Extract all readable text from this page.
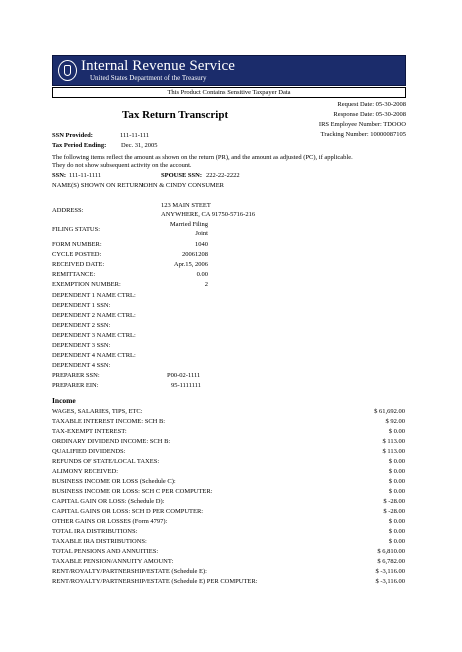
Internal Revenue Service
United States Department of the Treasury
This Product Contains Sensitive Taxpayer Data
Tax Return Transcript
Request Date: 05-30-2008
Response Date: 05-30-2008
IRS Employee Number: TDOOO
Tracking Number: 10000087105
SSN Provided:	111-11-111
Tax Period Ending: Dec. 31, 2005
The following items reflect the amount as shown on the return (PR), and the amount as adjusted (PC), if applicable.
They do not show subsequent activity on the account.
SSN: 111-11-1111	SPOUSE SSN: 222-22-2222
NAME(S) SHOWN ON RETURN:
JOHN & CINDY CONSUMER
ADDRESS:
123 MAIN STEET
ANYWHERE, CA 91750-5716-216
FILING STATUS:
Married Filing
Joint
FORM NUMBER:	1040
CYCLE POSTED:	20061208
RECEIVED DATE:	Apr.15, 2006
REMITTANCE:	0.00
EXEMPTION NUMBER:	2
DEPENDENT 1 NAME CTRL:
DEPENDENT 1 SSN:
DEPENDENT 2 NAME CTRL:
DEPENDENT 2 SSN:
DEPENDENT 3 NAME CTRL:
DEPENDENT 3 SSN:
DEPENDENT 4 NAME CTRL:
DEPENDENT 4 SSN:
PREPARER SSN:	P00-02-1111
PREPARER EIN:	95-1111111
Income
WAGES, SALARIES, TIPS, ETC:	$ 61,692.00
TAXABLE INTEREST INCOME: SCH B:	$ 92.00
TAX-EXEMPT INTEREST:	$ 0.00
ORDINARY DIVIDEND INCOME: SCH B:	$ 113.00
QUALIFIED DIVIDENDS:	$ 113.00
REFUNDS OF STATE/LOCAL TAXES:	$ 0.00
ALIMONY RECEIVED:	$ 0.00
BUSINESS INCOME OR LOSS (Schedule C):	$ 0.00
BUSINESS INCOME OR LOSS: SCH C PER COMPUTER:	$ 0.00
CAPITAL GAIN OR LOSS: (Schedule D):	$ -28.00
CAPITAL GAINS OR LOSS: SCH D PER COMPUTER:	$ -28.00
OTHER GAINS OR LOSSES (Form 4797):	$ 0.00
TOTAL IRA DISTRIBUTIONS:	$ 0.00
TAXABLE IRA DISTRIBUTIONS:	$ 0.00
TOTAL PENSIONS AND ANNUITIES:	$ 6,810.00
TAXABLE PENSION/ANNUITY AMOUNT:	$ 6,782.00
RENT/ROYALTY/PARTNERSHIP/ESTATE (Schedule E):	$ -3,116.00
RENT/ROYALTY/PARTNERSHIP/ESTATE (Schedule E) PER COMPUTER:	$ -3,116.00
